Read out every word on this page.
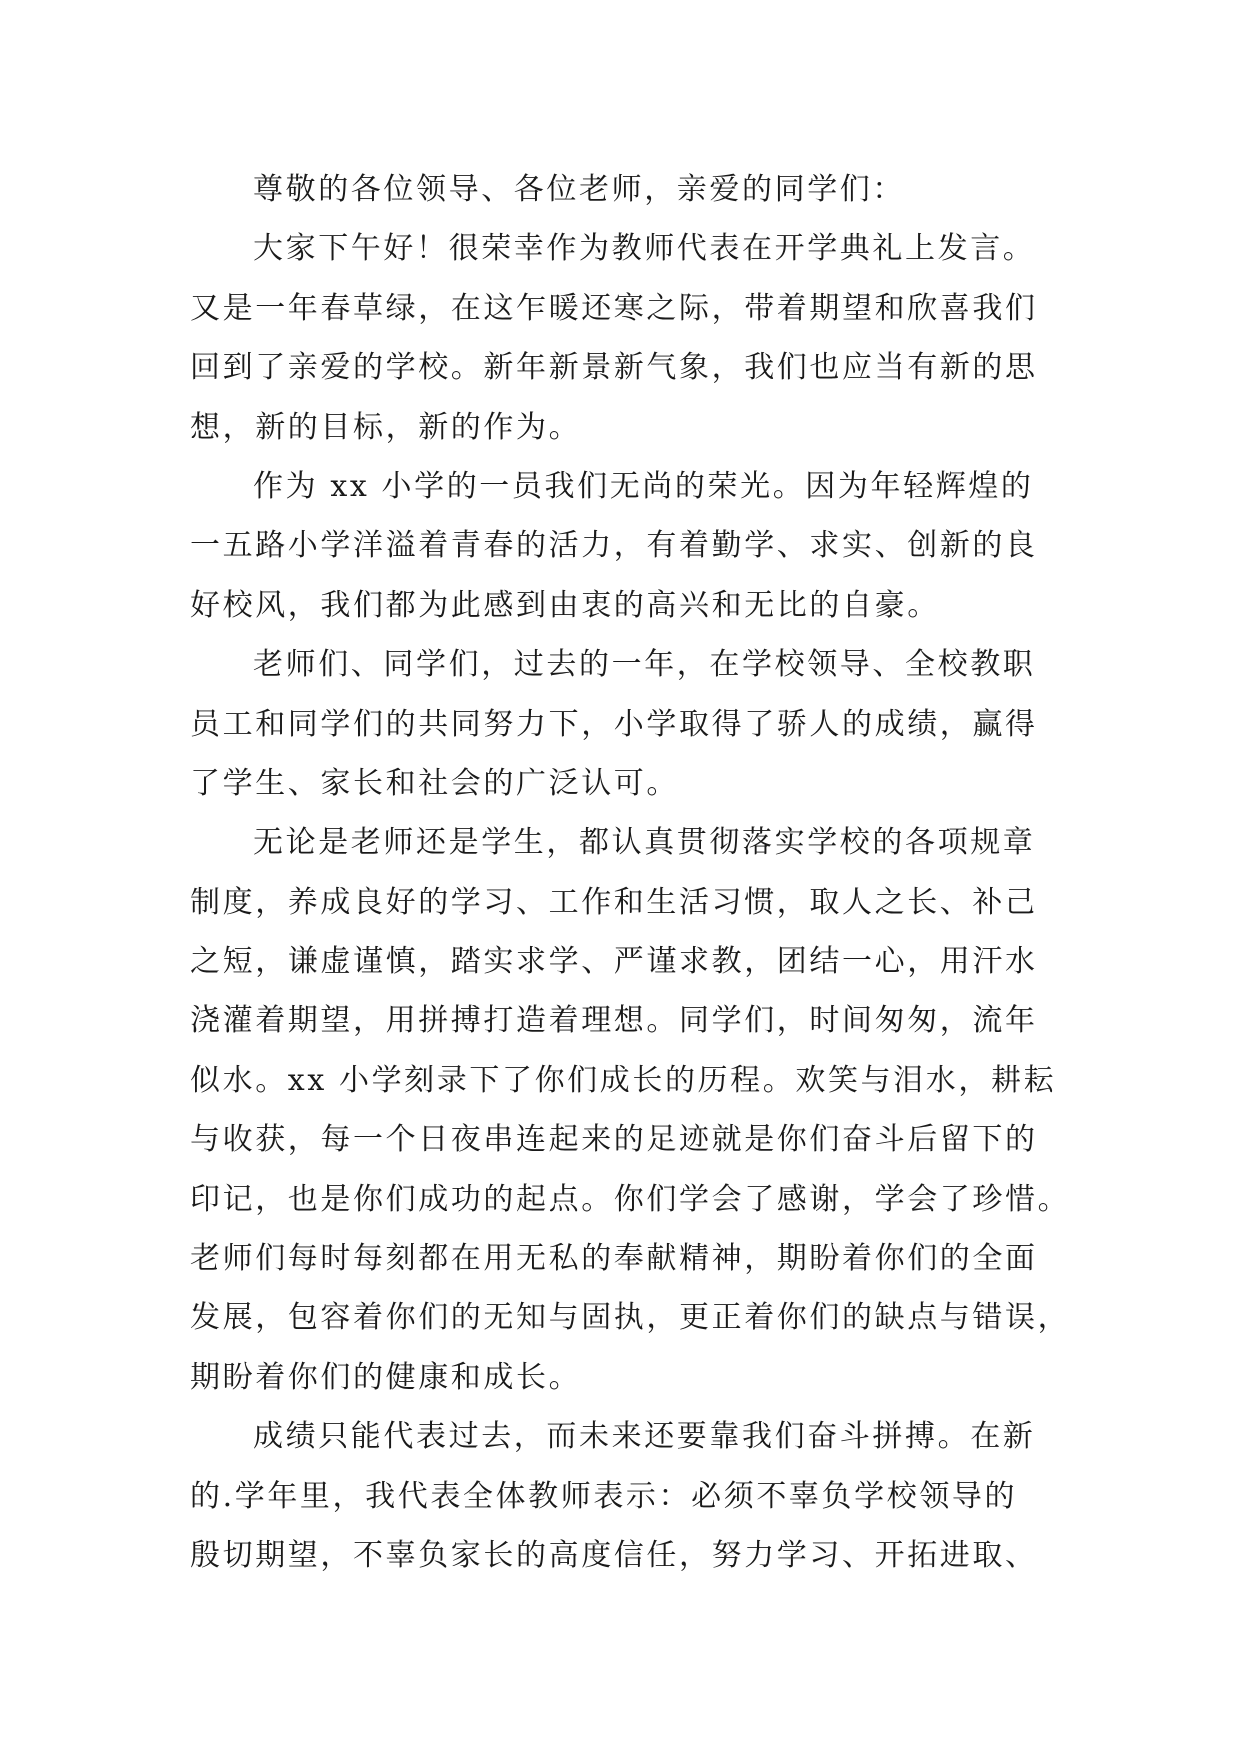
尊敬的各位领导、各位老师，亲爱的同学们：
大家下午好！很荣幸作为教师代表在开学典礼上发言。
又是一年春草绿，在这乍暖还寒之际，带着期望和欣喜我们
回到了亲爱的学校。新年新景新气象，我们也应当有新的思
想，新的目标，新的作为。
作为 xx 小学的一员我们无尚的荣光。因为年轻辉煌的
一五路小学洋溢着青春的活力，有着勤学、求实、创新的良
好校风，我们都为此感到由衷的高兴和无比的自豪。
老师们、同学们，过去的一年，在学校领导、全校教职
员工和同学们的共同努力下，小学取得了骄人的成绩，赢得
了学生、家长和社会的广泛认可。
无论是老师还是学生，都认真贯彻落实学校的各项规章
制度，养成良好的学习、工作和生活习惯，取人之长、补己
之短，谦虚谨慎，踏实求学、严谨求教，团结一心，用汗水
浇灌着期望，用拼搏打造着理想。同学们，时间匆匆，流年
似水。xx 小学刻录下了你们成长的历程。欢笑与泪水，耕耘
与收获，每一个日夜串连起来的足迹就是你们奋斗后留下的
印记，也是你们成功的起点。你们学会了感谢，学会了珍惜。
老师们每时每刻都在用无私的奉献精神，期盼着你们的全面
发展，包容着你们的无知与固执，更正着你们的缺点与错误，
期盼着你们的健康和成长。
成绩只能代表过去，而未来还要靠我们奋斗拼搏。在新
的.学年里，我代表全体教师表示：必须不辜负学校领导的
殷切期望，不辜负家长的高度信任，努力学习、开拓进取、
